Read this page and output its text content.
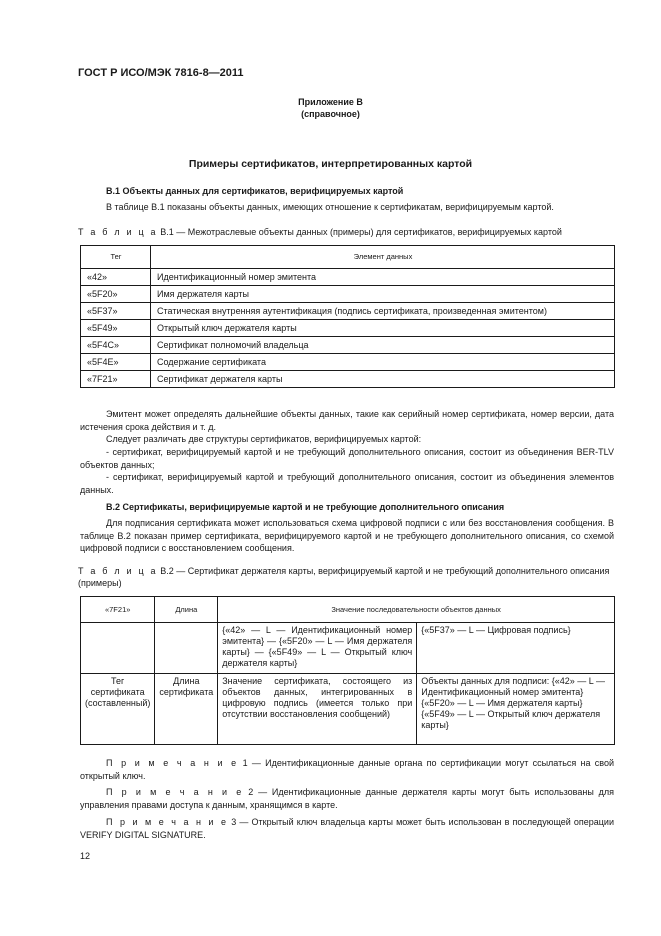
ГОСТ Р ИСО/МЭК 7816-8—2011
Приложение В
(справочное)
Примеры сертификатов, интерпретированных картой
В.1 Объекты данных для сертификатов, верифицируемых картой
В таблице В.1 показаны объекты данных, имеющих отношение к сертификатам, верифицируемым картой.
Т а б л и ц а В.1 — Межотраслевые объекты данных (примеры) для сертификатов, верифицируемых картой
Тег	Элемент данных
«42»	Идентификационный номер эмитента
«5F20»	Имя держателя карты
«5F37»	Статическая внутренняя аутентификация (подпись сертификата, произведенная эмитентом)
«5F49»	Открытый ключ держателя карты
«5F4C»	Сертификат полномочий владельца
«5F4E»	Содержание сертификата
«7F21»	Сертификат держателя карты
Эмитент может определять дальнейшие объекты данных, такие как серийный номер сертификата, номер версии, дата истечения срока действия и т. д.
Следует различать две структуры сертификатов, верифицируемых картой:
- сертификат, верифицируемый картой и не требующий дополнительного описания, состоит из объединения BER-TLV объектов данных;
- сертификат, верифицируемый картой и требующий дополнительного описания, состоит из объединения элементов данных.
В.2 Сертификаты, верифицируемые картой и не требующие дополнительного описания
Для подписания сертификата может использоваться схема цифровой подписи с или без восстановления сообщения. В таблице В.2 показан пример сертификата, верифицируемого картой и не требующего дополнительного описания, со схемой цифровой подписи с восстановлением сообщения.
Т а б л и ц а В.2 — Сертификат держателя карты, верифицируемый картой и не требующий дополнительного описания (примеры)
«7F21»	Длина	Значение последовательности объектов данных	
		{«42» — L — Идентификационный номер эмитента} — {«5F20» — L — Имя держателя карты} — {«5F49» — L — Открытый ключ держателя карты}	{«5F37» — L — Цифровая подпись}
Тег сертификата (составленный)	Длина сертификата	Значение сертификата, состоящего из объектов данных, интегрированных в цифровую подпись (имеется только при отсутствии восстановления сообщений)	Объекты данных для подписи: {«42» — L — Идентификационный номер эмитента} {«5F20» — L — Имя держателя карты} {«5F49» — L — Открытый ключ держателя карты}
П р и м е ч а н и е 1 — Идентификационные данные органа по сертификации могут ссылаться на свой открытый ключ.
П р и м е ч а н и е 2 — Идентификационные данные держателя карты могут быть использованы для управления правами доступа к данным, хранящимся в карте.
П р и м е ч а н и е 3 — Открытый ключ владельца карты может быть использован в последующей операции VERIFY DIGITAL SIGNATURE.
12
